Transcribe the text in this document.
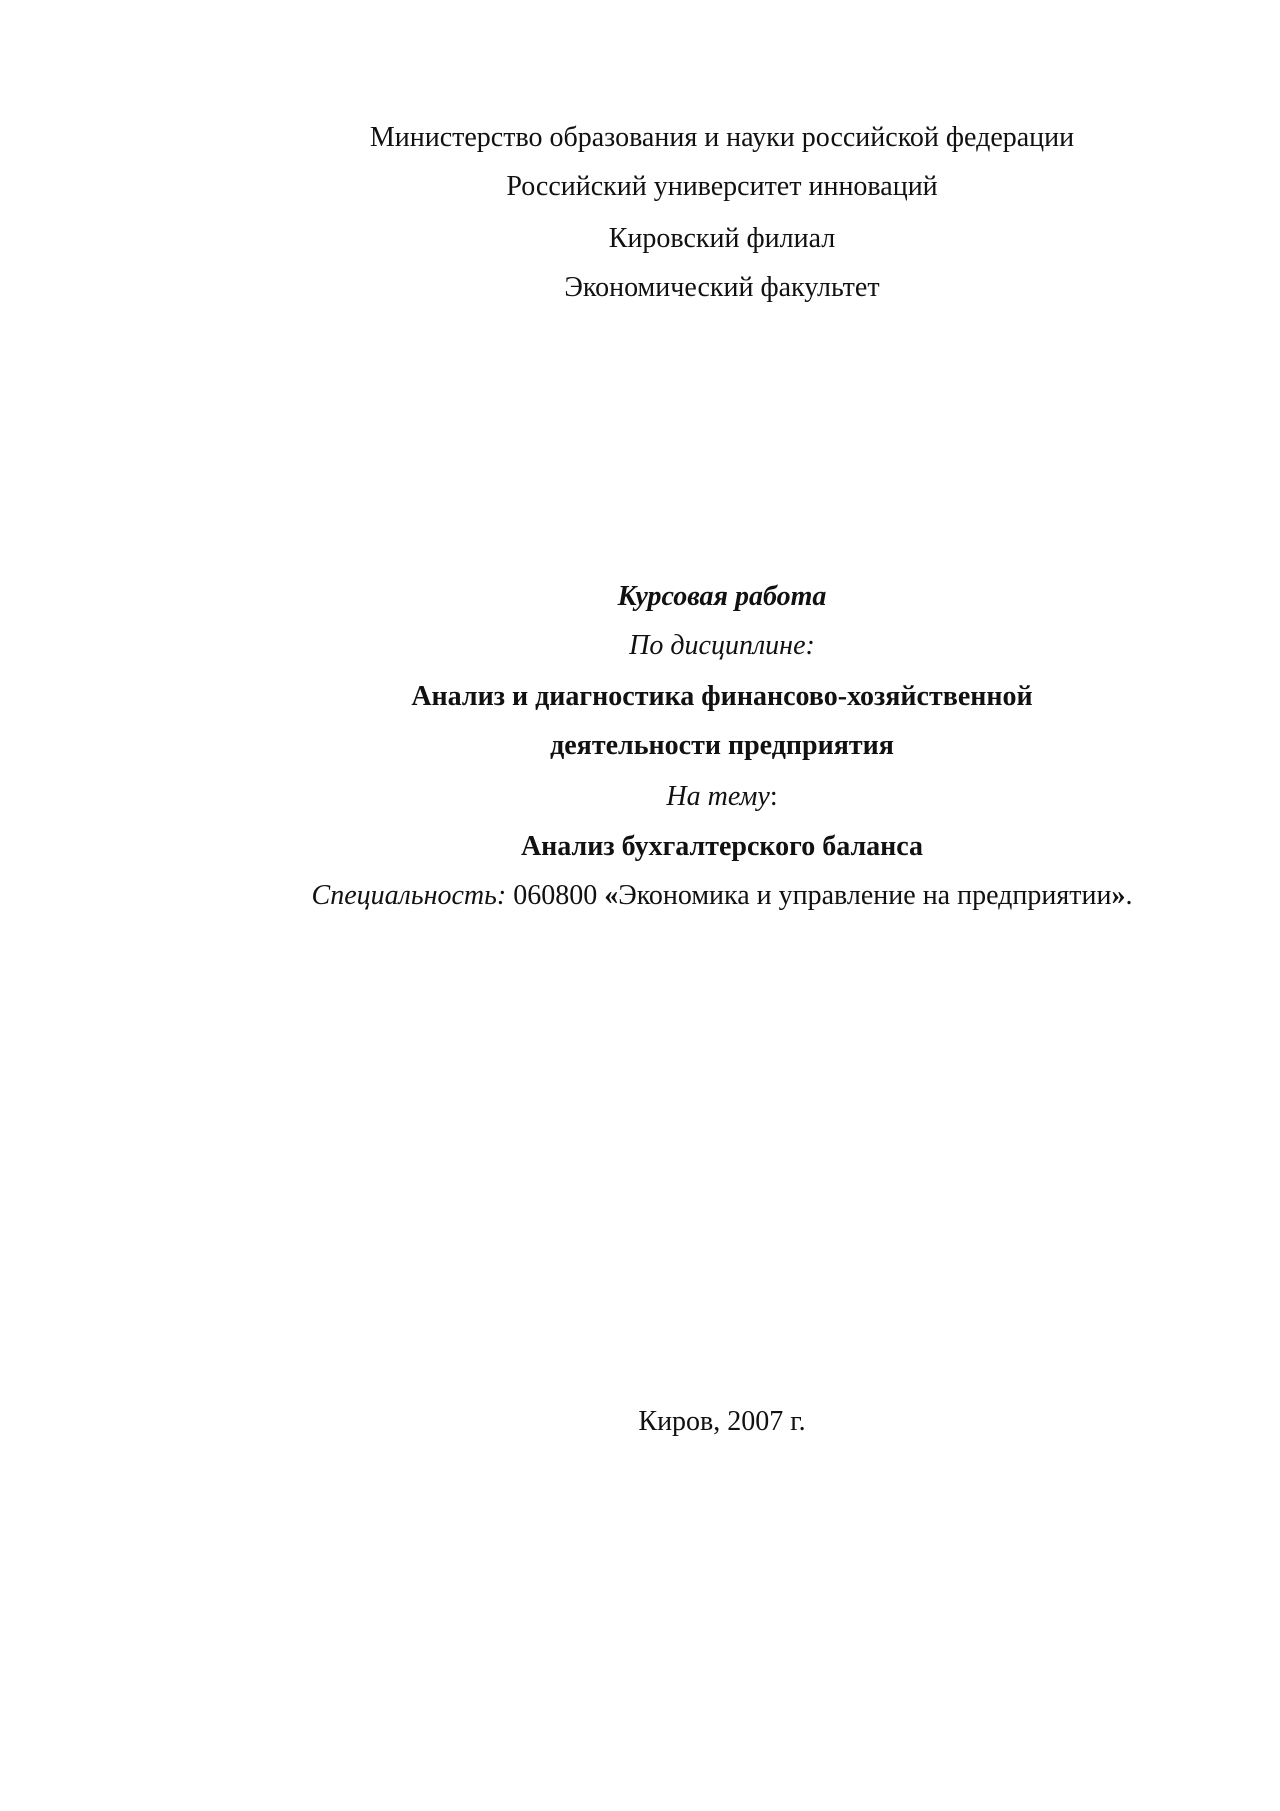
Министерство образования и науки российской федерации
Российский университет инноваций
Кировский филиал
Экономический факультет
Курсовая работа
По дисциплине:
Анализ и диагностика финансово-хозяйственной
деятельности предприятия
На тему:
Анализ бухгалтерского баланса
Специальность: 060800 «Экономика и управление на предприятии».
Киров, 2007 г.
